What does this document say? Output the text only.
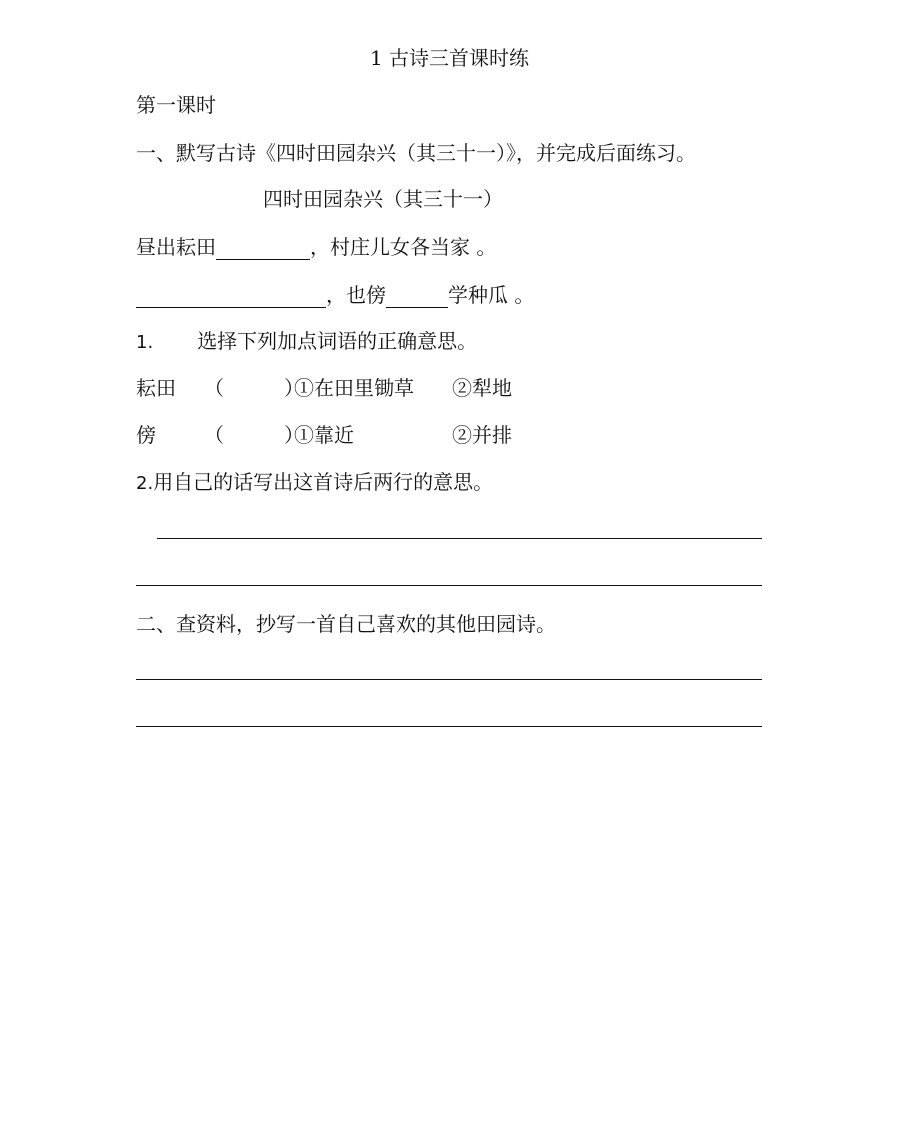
1 古诗三首课时练
第一课时
一、默写古诗《四时田园杂兴（其三十一）》，并完成后面练习。
四时田园杂兴（其三十一）
昼出耘田	，村庄儿女各当家 。
，也傍	学种瓜 。
1. 选择下列加点词语的正确意思。
耘田 （　　　）①在田里锄草 ②犁地
傍 （　　　）①靠近	②并排
2.用自己的话写出这首诗后两行的意思。
二、查资料，抄写一首自己喜欢的其他田园诗。
